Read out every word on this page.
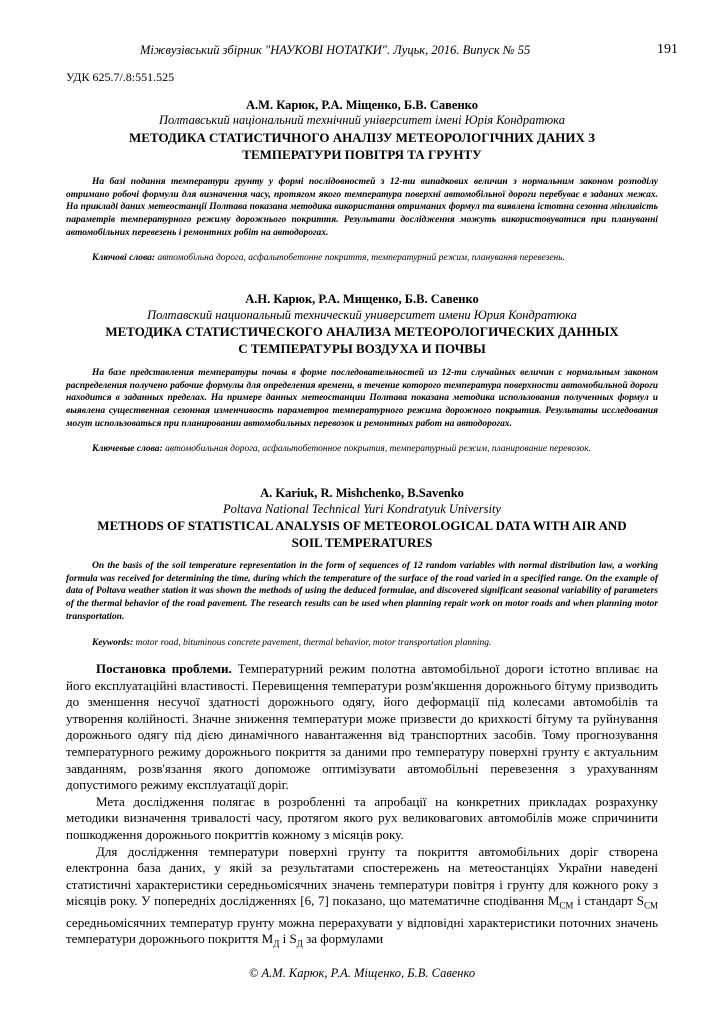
Міжвузівський збірник "НАУКОВІ НОТАТКИ". Луцьк, 2016. Випуск № 55	191
УДК 625.7/.8:551.525
А.М. Карюк, Р.А. Міщенко, Б.В. Савенко
Полтавський національний технічний університет імені Юрія Кондратюка
МЕТОДИКА СТАТИСТИЧНОГО АНАЛІЗУ МЕТЕОРОЛОГІЧНИХ ДАНИХ З ТЕМПЕРАТУРИ ПОВІТРЯ ТА ГРУНТУ
На базі подання температури грунту у формі послідовностей з 12-ти випадкових величин з нормальним законом розподілу отримано робочі формули для визначення часу, протягом якого температура поверхні автомобільної дороги перебуває в заданих межах. На прикладі даних метеостанції Полтава показана методика використання отриманих формул та виявлена істотна сезонна мінливість параметрів температурного режиму дорожнього покриття. Результати дослідження можуть використовуватися при плануванні автомобільних перевезень і ремонтних робіт на автодорогах.
Ключові слова: автомобільна дорога, асфальтобетонне покриття, температурний режим, планування перевезень.
А.Н. Карюк, Р.А. Мищенко, Б.В. Савенко
Полтавский национальный технический университет имени Юрия Кондратюка
МЕТОДИКА СТАТИСТИЧЕСКОГО АНАЛИЗА МЕТЕОРОЛОГИЧЕСКИХ ДАННЫХ С ТЕМПЕРАТУРЫ ВОЗДУХА И ПОЧВЫ
На базе представления температуры почвы в форме последовательностей из 12-ти случайных величин с нормальным законом распределения получено рабочие формулы для определения времени, в течение которого температура поверхности автомобильной дороги находится в заданных пределах. На примере данных метеостанции Полтава показана методика использования полученных формул и выявлена существенная сезонная изменчивость параметров температурного режима дорожного покрытия. Результаты исследования могут использоваться при планировании автомобильных перевозок и ремонтных работ на автодорогах.
Ключевые слова: автомобильная дорога, асфальтобетонное покрытия, температурный режим, планирование перевозок.
A. Kariuk, R. Mishchenko, B.Savenko
Poltava National Technical Yuri Kondratyuk University
METHODS OF STATISTICAL ANALYSIS OF METEOROLOGICAL DATA WITH AIR AND SOIL TEMPERATURES
On the basis of the soil temperature representation in the form of sequences of 12 random variables with normal distribution law, a working formula was received for determining the time, during which the temperature of the surface of the road varied in a specified range. On the example of data of Poltava weather station it was shown the methods of using the deduced formulae, and discovered significant seasonal variability of parameters of the thermal behavior of the road pavement. The research results can be used when planning repair work on motor roads and when planning motor transportation.
Keywords: motor road, bituminous concrete pavement, thermal behavior, motor transportation planning.

Постановка проблеми. Температурний режим полотна автомобільної дороги істотно впливає на його експлуатаційні властивості. Перевищення температури розм'якшення дорожнього бітуму призводить до зменшення несучої здатності дорожнього одягу, його деформації під колесами автомобілів та утворення колійності. Значне зниження температури може призвести до крихкості бітуму та руйнування дорожнього одягу під дією динамічного навантаження від транспортних засобів. Тому прогнозування температурного режиму дорожнього покриття за даними про температуру поверхні грунту є актуальним завданням, розв'язання якого допоможе оптимізувати автомобільні перевезення з урахуванням допустимого режиму експлуатації доріг.

Мета дослідження полягає в розробленні та апробації на конкретних прикладах розрахунку методики визначення тривалості часу, протягом якого рух великовагових автомобілів може спричинити пошкодження дорожнього покриттів кожному з місяців року.

Для дослідження температури поверхні грунту та покриття автомобільних доріг створена електронна база даних, у якій за результатами спостережень на метеостанціях України наведені статистичні характеристики середньомісячних значень температури повітря і грунту для кожного року з місяців року. У попередніх дослідженнях [6, 7] показано, що математичне сподівання $M_{СМ}$ і стандарт $S_{СМ}$ середньомісячних температур грунту можна перерахувати у відповідні характеристики поточних значень температури дорожнього покриття $M_Д$ і $S_Д$ за формулами

© А.М. Карюк, Р.А. Міщенко, Б.В. Савенко
